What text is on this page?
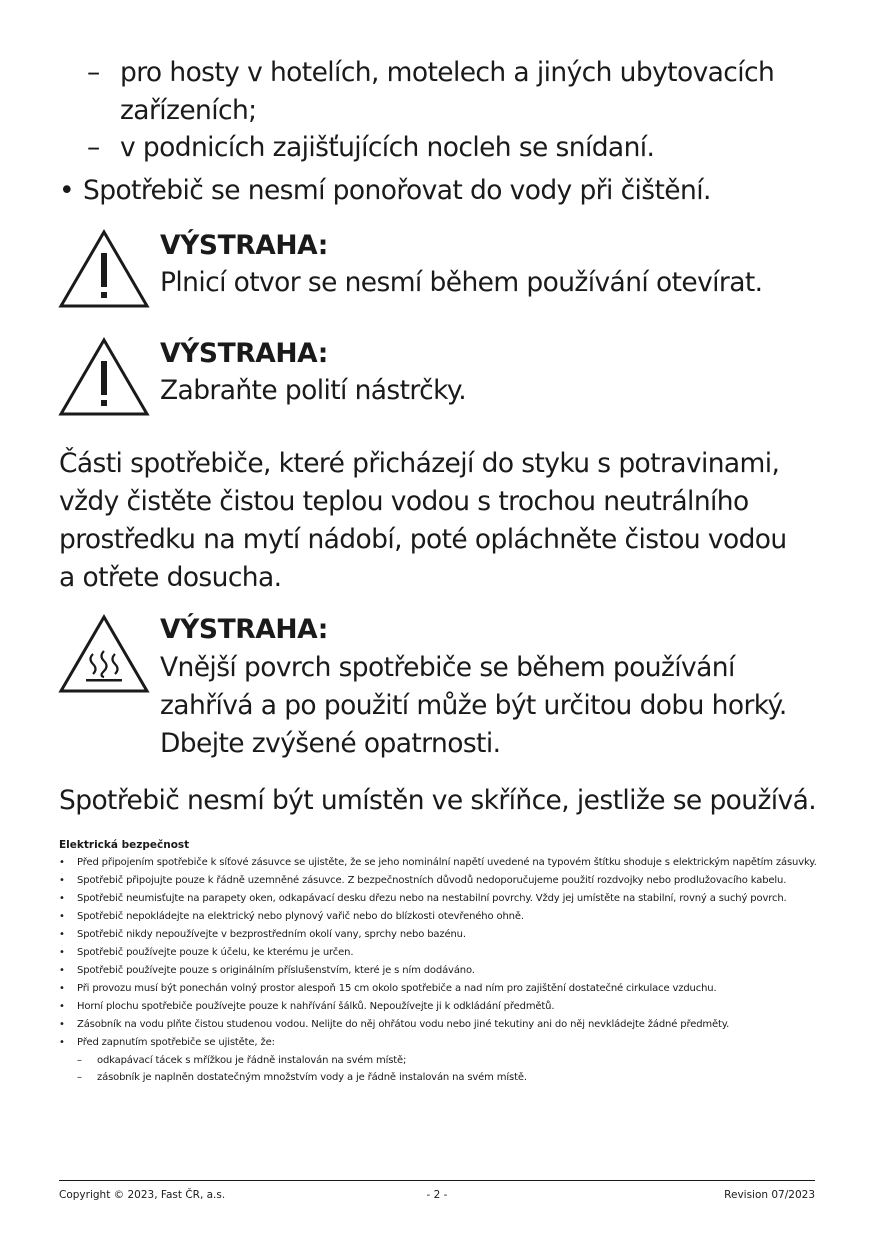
– pro hosty v hotelích, motelech a jiných ubytovacích
zařízeních;
– v podnicích zajišťujících nocleh se snídaní.
• Spotřebič se nesmí ponořovat do vody při čištění.
VÝSTRAHA:
Plnicí otvor se nesmí během používání otevírat.
VÝSTRAHA:
Zabraňte polití nástrčky.
Části spotřebiče, které přicházejí do styku s potravinami,
vždy čistěte čistou teplou vodou s trochou neutrálního
prostředku na mytí nádobí, poté opláchněte čistou vodou
a otřete dosucha.
VÝSTRAHA:
Vnější povrch spotřebiče se během používání
zahřívá a po použití může být určitou dobu horký.
Dbejte zvýšené opatrnosti.
Spotřebič nesmí být umístěn ve skříňce, jestliže se používá.
Elektrická bezpečnost
• Před připojením spotřebiče k síťové zásuvce se ujistěte, že se jeho nominální napětí uvedené na typovém štítku shoduje s elektrickým napětím zásuvky.
• Spotřebič připojujte pouze k řádně uzemněné zásuvce. Z bezpečnostních důvodů nedoporučujeme použití rozdvojky nebo prodlužovacího kabelu.
• Spotřebič neumisťujte na parapety oken, odkapávací desku dřezu nebo na nestabilní povrchy. Vždy jej umístěte na stabilní, rovný a suchý povrch.
• Spotřebič nepokládejte na elektrický nebo plynový vařič nebo do blízkosti otevřeného ohně.
• Spotřebič nikdy nepoužívejte v bezprostředním okolí vany, sprchy nebo bazénu.
• Spotřebič používejte pouze k účelu, ke kterému je určen.
• Spotřebič používejte pouze s originálním příslušenstvím, které je s ním dodáváno.
• Při provozu musí být ponechán volný prostor alespoň 15 cm okolo spotřebiče a nad ním pro zajištění dostatečné cirkulace vzduchu.
• Horní plochu spotřebiče používejte pouze k nahřívání šálků. Nepoužívejte ji k odkládání předmětů.
• Zásobník na vodu plňte čistou studenou vodou. Nelijte do něj ohřátou vodu nebo jiné tekutiny ani do něj nevkládejte žádné předměty.
• Před zapnutím spotřebiče se ujistěte, že:
– odkapávací tácek s mřížkou je řádně instalován na svém místě;
– zásobník je naplněn dostatečným množstvím vody a je řádně instalován na svém místě.
Copyright © 2023, Fast ČR, a.s.	- 2 -	Revision 07/2023
